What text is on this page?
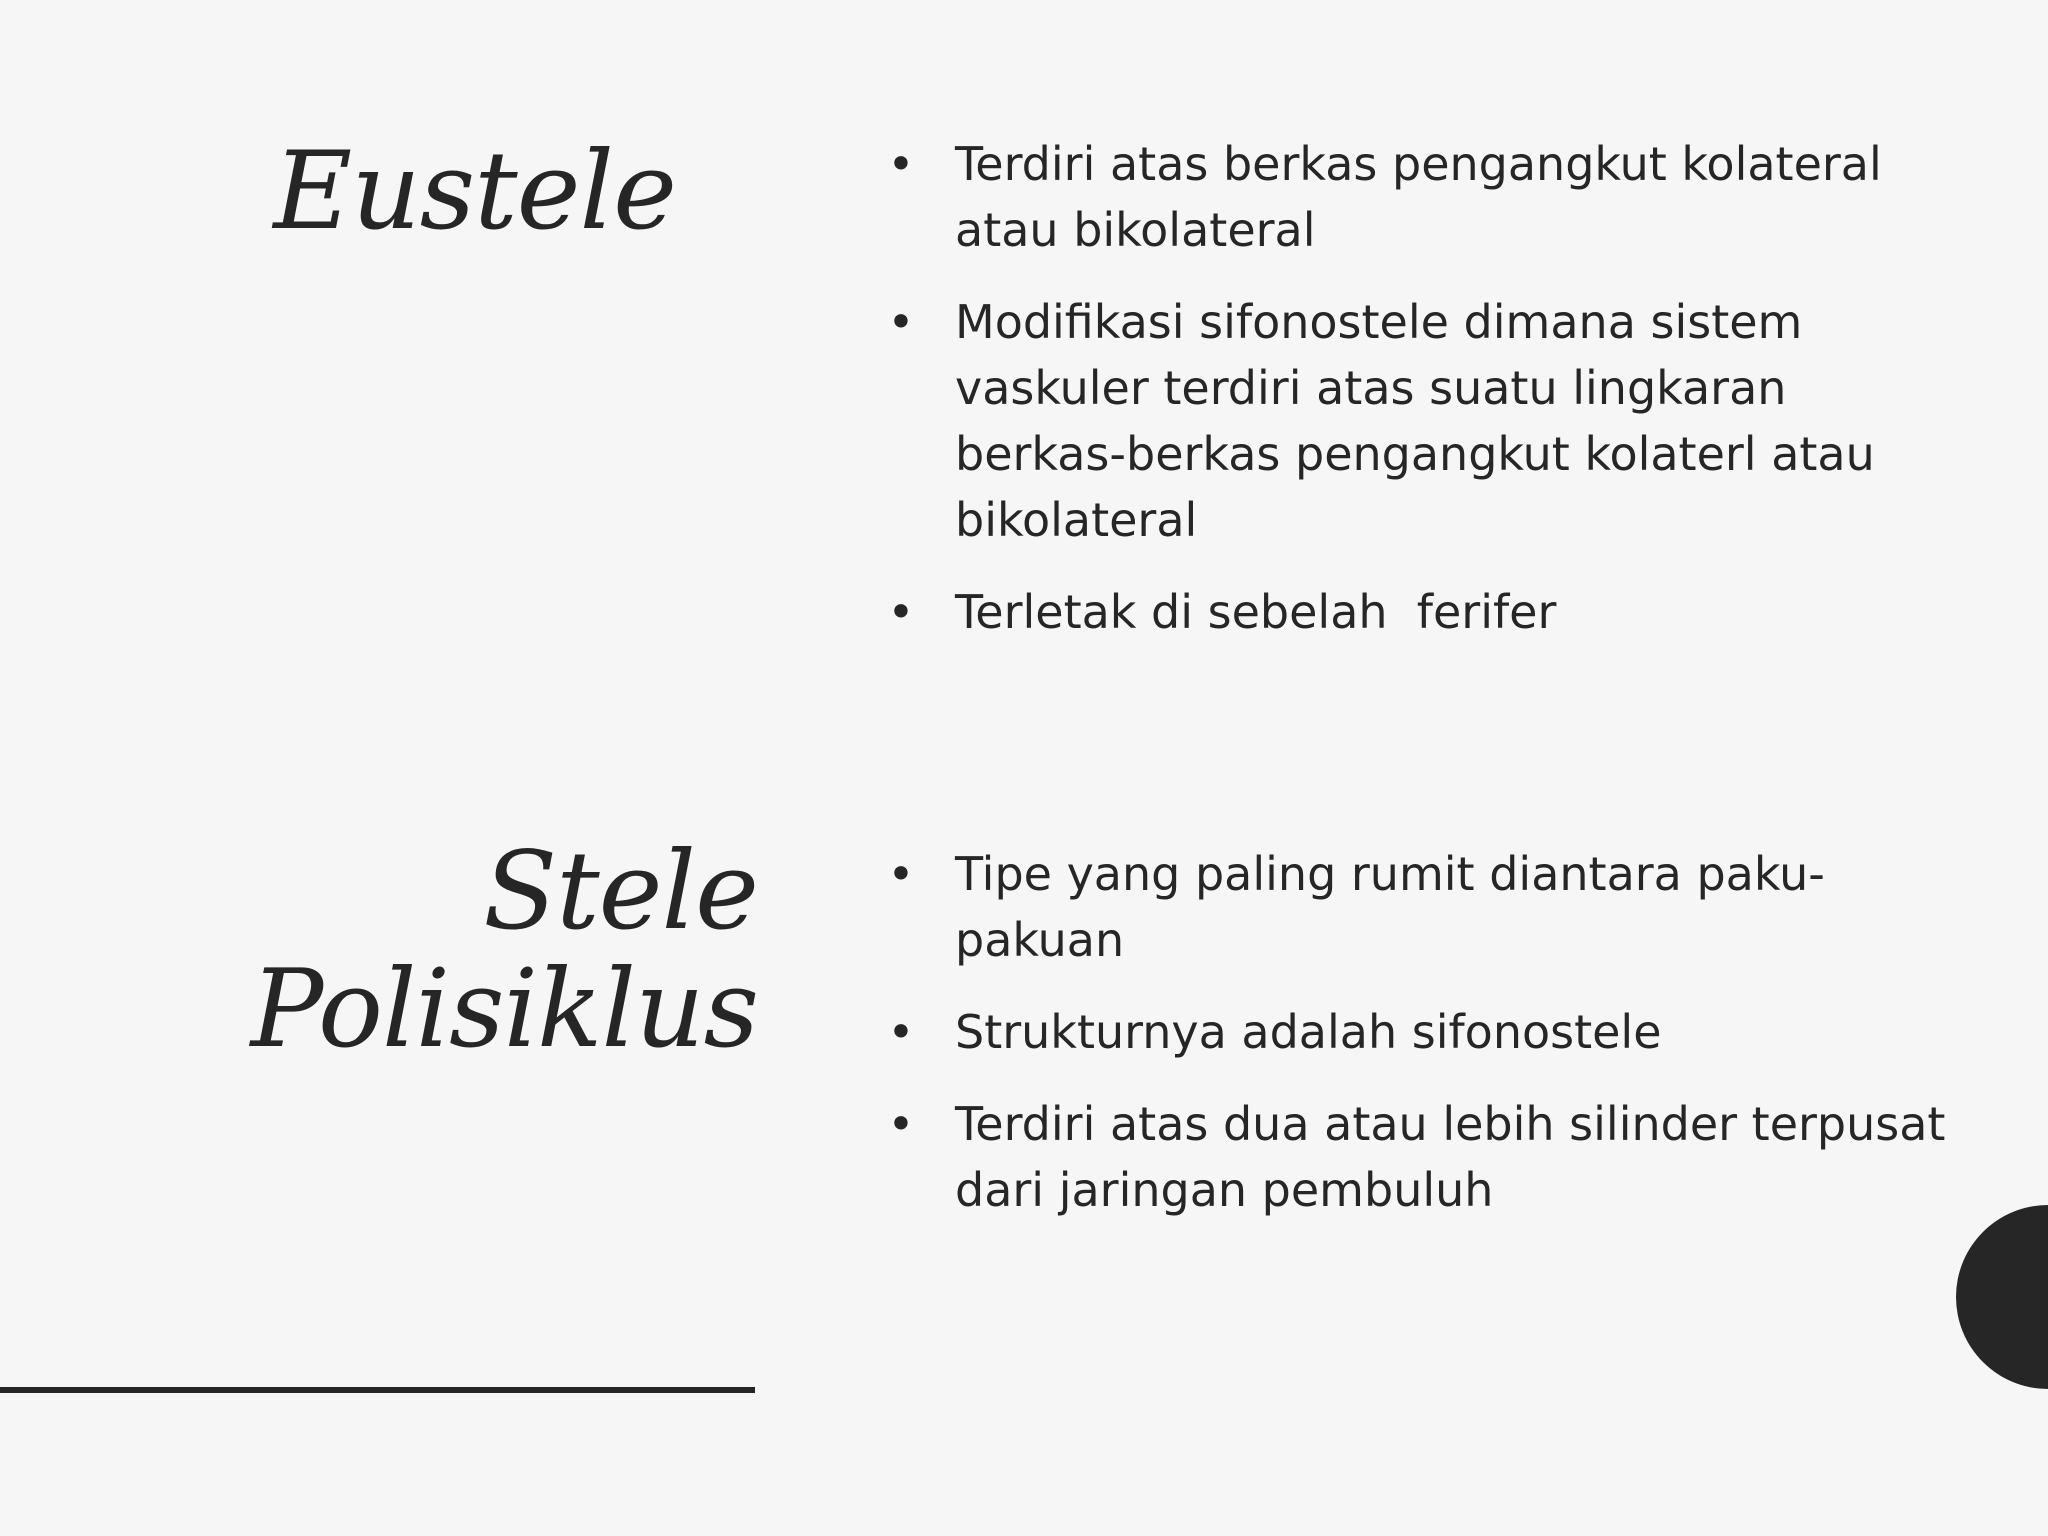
Eustele	• Terdiri atas berkas pengangkut kolateral atau bikolateral
• Modifikasi sifonostele dimana sistem vaskuler terdiri atas suatu lingkaran berkas-berkas pengangkut kolaterl atau bikolateral
• Terletak di sebelah  ferifer
Stele
Polisiklus
• Tipe yang paling rumit diantara paku-pakuan
• Strukturnya adalah sifonostele
• Terdiri atas dua atau lebih silinder terpusat dari jaringan pembuluh
